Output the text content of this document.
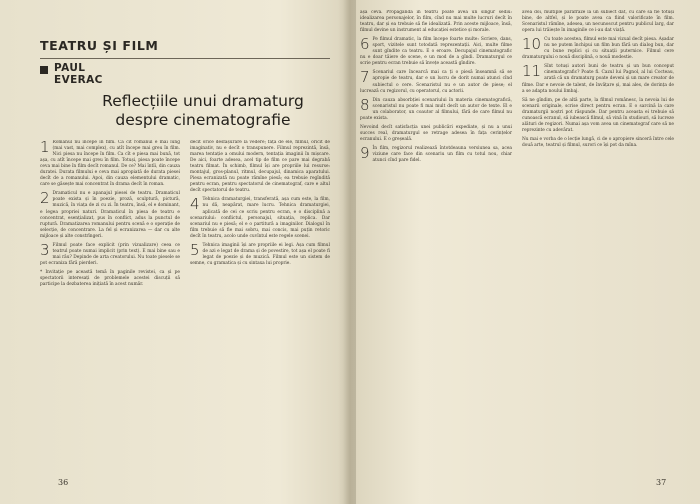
TEATRU ȘI FILM
PAUL
EVERAC
Reflecțiile unui dramaturg
despre cinematografie
1 Romanul nu începe în film. Ca cît romanul e mai lung (mai vast, mai complex), cu atît începe mai greu în film. Nici piesa nu începe în film. Ca cît e piesa mai bună, tot așa, cu atît începe mai greu în film. Totuși, piesa poate începe ceva mai bine în film decît romanul. De ce? Mai întîi, din cauza duratei. Durata filmului e ceva mai apropiată de durata piesei decît de a romanului. Apoi, din cauza elementului dramatic, care se găsește mai concentrat în drama decît în roman.

2 Dramaticul nu e apanajul piesei de teatru. Dramaticul poate exista și în poezie, proză, sculptură, pictură, muzică, în viața de zi cu zi. În teatru, însă, el e dominant, e legea propriei naturi. Dramaticul în piesa de teatru e concentrat, esențializat, pus în conflict, adus la punctul de ruptură. Dramatizarea romanului pentru scenă e o operație de selecție, de concentrare. La fel și ecranizarea — dar cu alte mijloace și alte constrîngeri.

3 Filmul poate face explicit (prin vizualizare) ceea ce teatrul poate numai implicit (prin text). E mai bine sau e mai rău? Depinde de arta creatorului. Nu toate piesele se pot ecraniza fără pierderi.

* Invitație pe această temă în paginile revistei, ca și pe spectatorii interesați de problemele acestei discuții să participe la dezbaterea inițiată în acest număr.

decît orice desfășurare la vedere; față de ele, filmul, oricît de imaginativ, nu e decît o transpunere. Filmul reprezintă, însă, marea tentație a omului modern, tentația imaginii în mișcare. De aici, foarte adesea, acel tip de film ce pare mai degrabă teatru filmat. În schimb, filmul își are propriile lui resurse: montajul, gros-planul, ritmul, decupajul, dinamica aparatului. Piesa ecranizată nu poate rămîne piesă; ea trebuie regîndită pentru ecran, pentru spectatorul de cinematograf, care e altul decît spectatorul de teatru.

4 Tehnica dramaturgiei, transferată, așa cum este, la film, nu dă, neapărat, mare lucru. Tehnica dramaturgiei, aplicată de cei ce scriu pentru ecran, e o disciplină a scenariului: conflictul, personajul, situația, replica. Dar scenariul nu e piesă; el e o partitură a imaginilor. Dialogul în film trebuie să fie mai sobru, mai concis, mai puțin retoric decît în teatru, acolo unde cuvîntul este regele scenei.

5 Tehnica imaginii își are propriile ei legi. Așa cum filmul de azi e legat de drama și de povestire, tot așa el poate fi legat de poezie și de muzică. Filmul este un sistem de semne, cu gramatica și cu sintaxa lui proprie.

36

așa ceva. Propaganda în teatru poate avea un singur sediu: idealizarea personajelor, în film, cînd nu mai multe lucruri decît în teatru, dar și ea trebuie să fie idealizată. Prin aceste mijloace, însă, filmul devine un instrument al educației estetice și morale.

6 Pe filmul dramatic, la film începe foarte multe: Scriere, dans, sport, vizitele sunt totodată reprezentații. Aici, multe filme sunt gîndite ca teatru. E o eroare. Decupajul cinematografic nu e doar tăiere de scene, e un mod de a gîndi. Dramaturgul ce scrie pentru ecran trebuie să învețe această gîndire.

7 Scenariul care încearcă mai ca ți o piesă înseamnă să se apropie de teatru, dar e un lucru de dorit numai atunci cînd subiectul o cere. Scenaristul nu e un autor de piese; el lucrează cu regizorul, cu operatorul, cu actorii.

8 Din cauza absorbției scenariului în materia cinematografică, scenaristul nu poate fi mai mult decît un autor de texte. El e un colaborator, un coautor al filmului, fără de care filmul nu poate exista.

Nevoind decît satisfacția unei publicări expediate, și nu a unui succes real, dramaturgul se retrage adesea în fața cerințelor ecranului. E o greșeală.

9 În film, regizorul realizează întotdeauna versiunea sa, acea viziune care face din scenariu un film cu totul nou, chiar atunci cînd pare fidel.

avea doi, multiple parafraze la un subiect dat, cu care să fie totuși bine, de altfel, și le poate avea ca fiind valorificate în film. Scenaristul rămîne, adesea, un necunoscut pentru publicul larg, dar opera lui trăiește în imaginile ce i-au dat viață.

10 Cu toate acestea, filmul este mai vizual decît piesa. Așadar nu ne putem închipui un film bun fără un dialog bun, dar cu bune replici și cu situații puternice. Filmul cere dramaturgului o nouă disciplină, o nouă modestie.

11 Sînt totuși autori buni de teatru și un bun conceput cinematografic? Poate fi. Cazul lui Pagnol, al lui Cocteau, arată că un dramaturg poate deveni și un mare creator de filme. Dar e nevoie de talent, de învățare și, mai ales, de dorința de a se adapta noului limbaj.

Să ne gîndim, pe de altă parte, la filmul românesc, la nevoia lui de scenarii originale, scrise direct pentru ecran. E o sarcină la care dramaturgii noștri pot răspunde. Dar pentru aceasta ei trebuie să cunoască ecranul, să iubească filmul, să vină în studiouri, să lucreze alături de regizori. Numai așa vom avea un cinematograf care să ne reprezinte cu adevărat.

Nu mai e vorba de o lecție lungă, ci de o apropiere sinceră între cele două arte, teatrul și filmul, surori ce își pot da mîna.

37
